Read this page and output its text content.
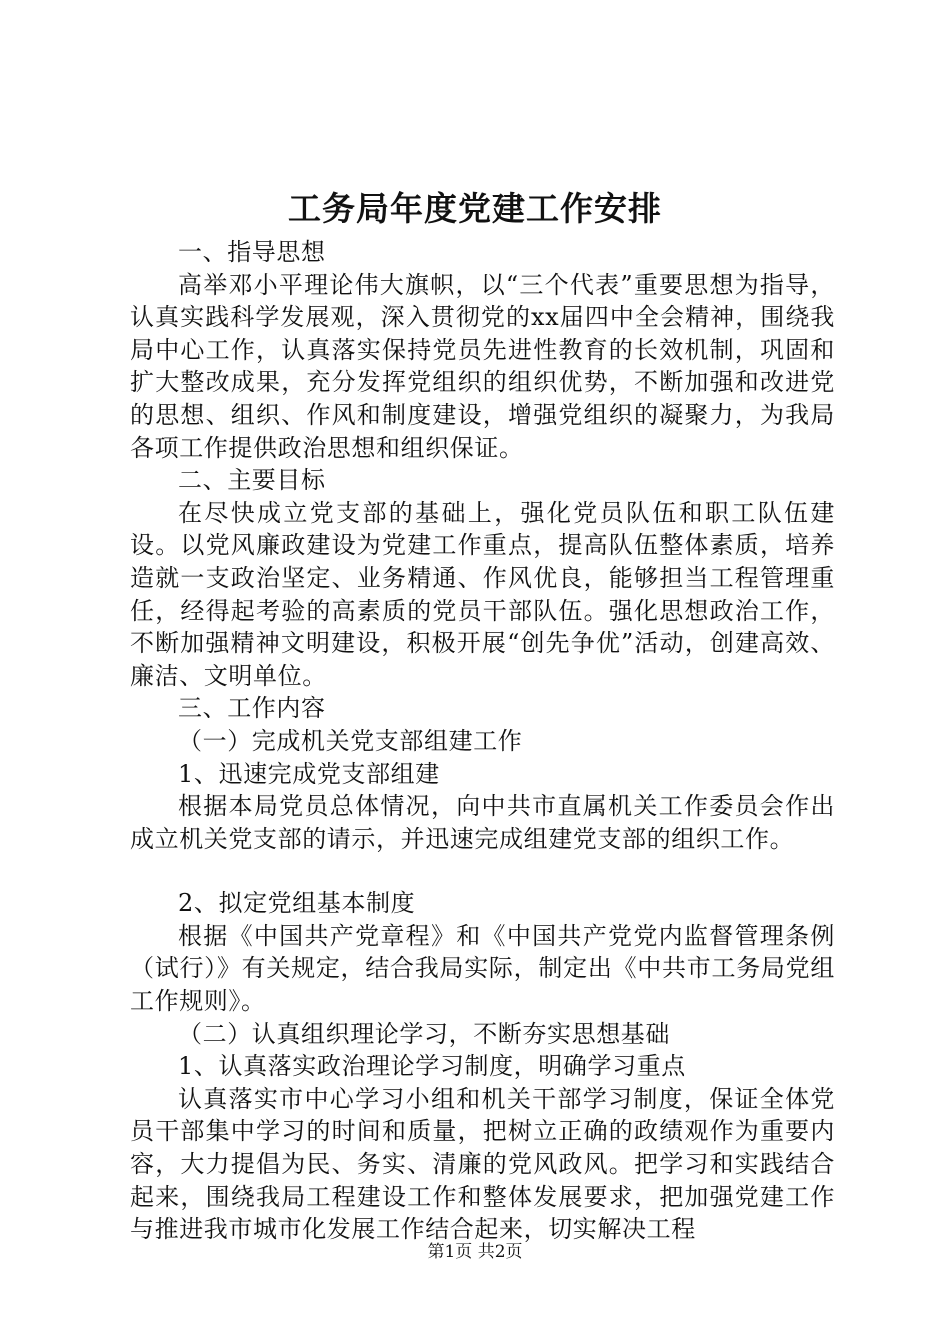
工务局年度党建工作安排

一、指导思想

高举邓小平理论伟大旗帜，以“三个代表”重要思想为指导，认真实践科学发展观，深入贯彻党的xx届四中全会精神，围绕我局中心工作，认真落实保持党员先进性教育的长效机制，巩固和扩大整改成果，充分发挥党组织的组织优势，不断加强和改进党的思想、组织、作风和制度建设，增强党组织的凝聚力，为我局各项工作提供政治思想和组织保证。

二、主要目标

在尽快成立党支部的基础上，强化党员队伍和职工队伍建设。以党风廉政建设为党建工作重点，提高队伍整体素质，培养造就一支政治坚定、业务精通、作风优良，能够担当工程管理重任，经得起考验的高素质的党员干部队伍。强化思想政治工作，不断加强精神文明建设，积极开展“创先争优”活动，创建高效、廉洁、文明单位。

三、工作内容

（一）完成机关党支部组建工作

1、迅速完成党支部组建

根据本局党员总体情况，向中共市直属机关工作委员会作出成立机关党支部的请示，并迅速完成组建党支部的组织工作。

2、拟定党组基本制度

根据《中国共产党章程》和《中国共产党党内监督管理条例（试行）》有关规定，结合我局实际，制定出《中共市工务局党组工作规则》。

（二）认真组织理论学习，不断夯实思想基础

1、认真落实政治理论学习制度，明确学习重点

认真落实市中心学习小组和机关干部学习制度，保证全体党员干部集中学习的时间和质量，把树立正确的政绩观作为重要内容，大力提倡为民、务实、清廉的党风政风。把学习和实践结合起来，围绕我局工程建设工作和整体发展要求，把加强党建工作与推进我市城市化发展工作结合起来，切实解决工程

第1页 共2页
